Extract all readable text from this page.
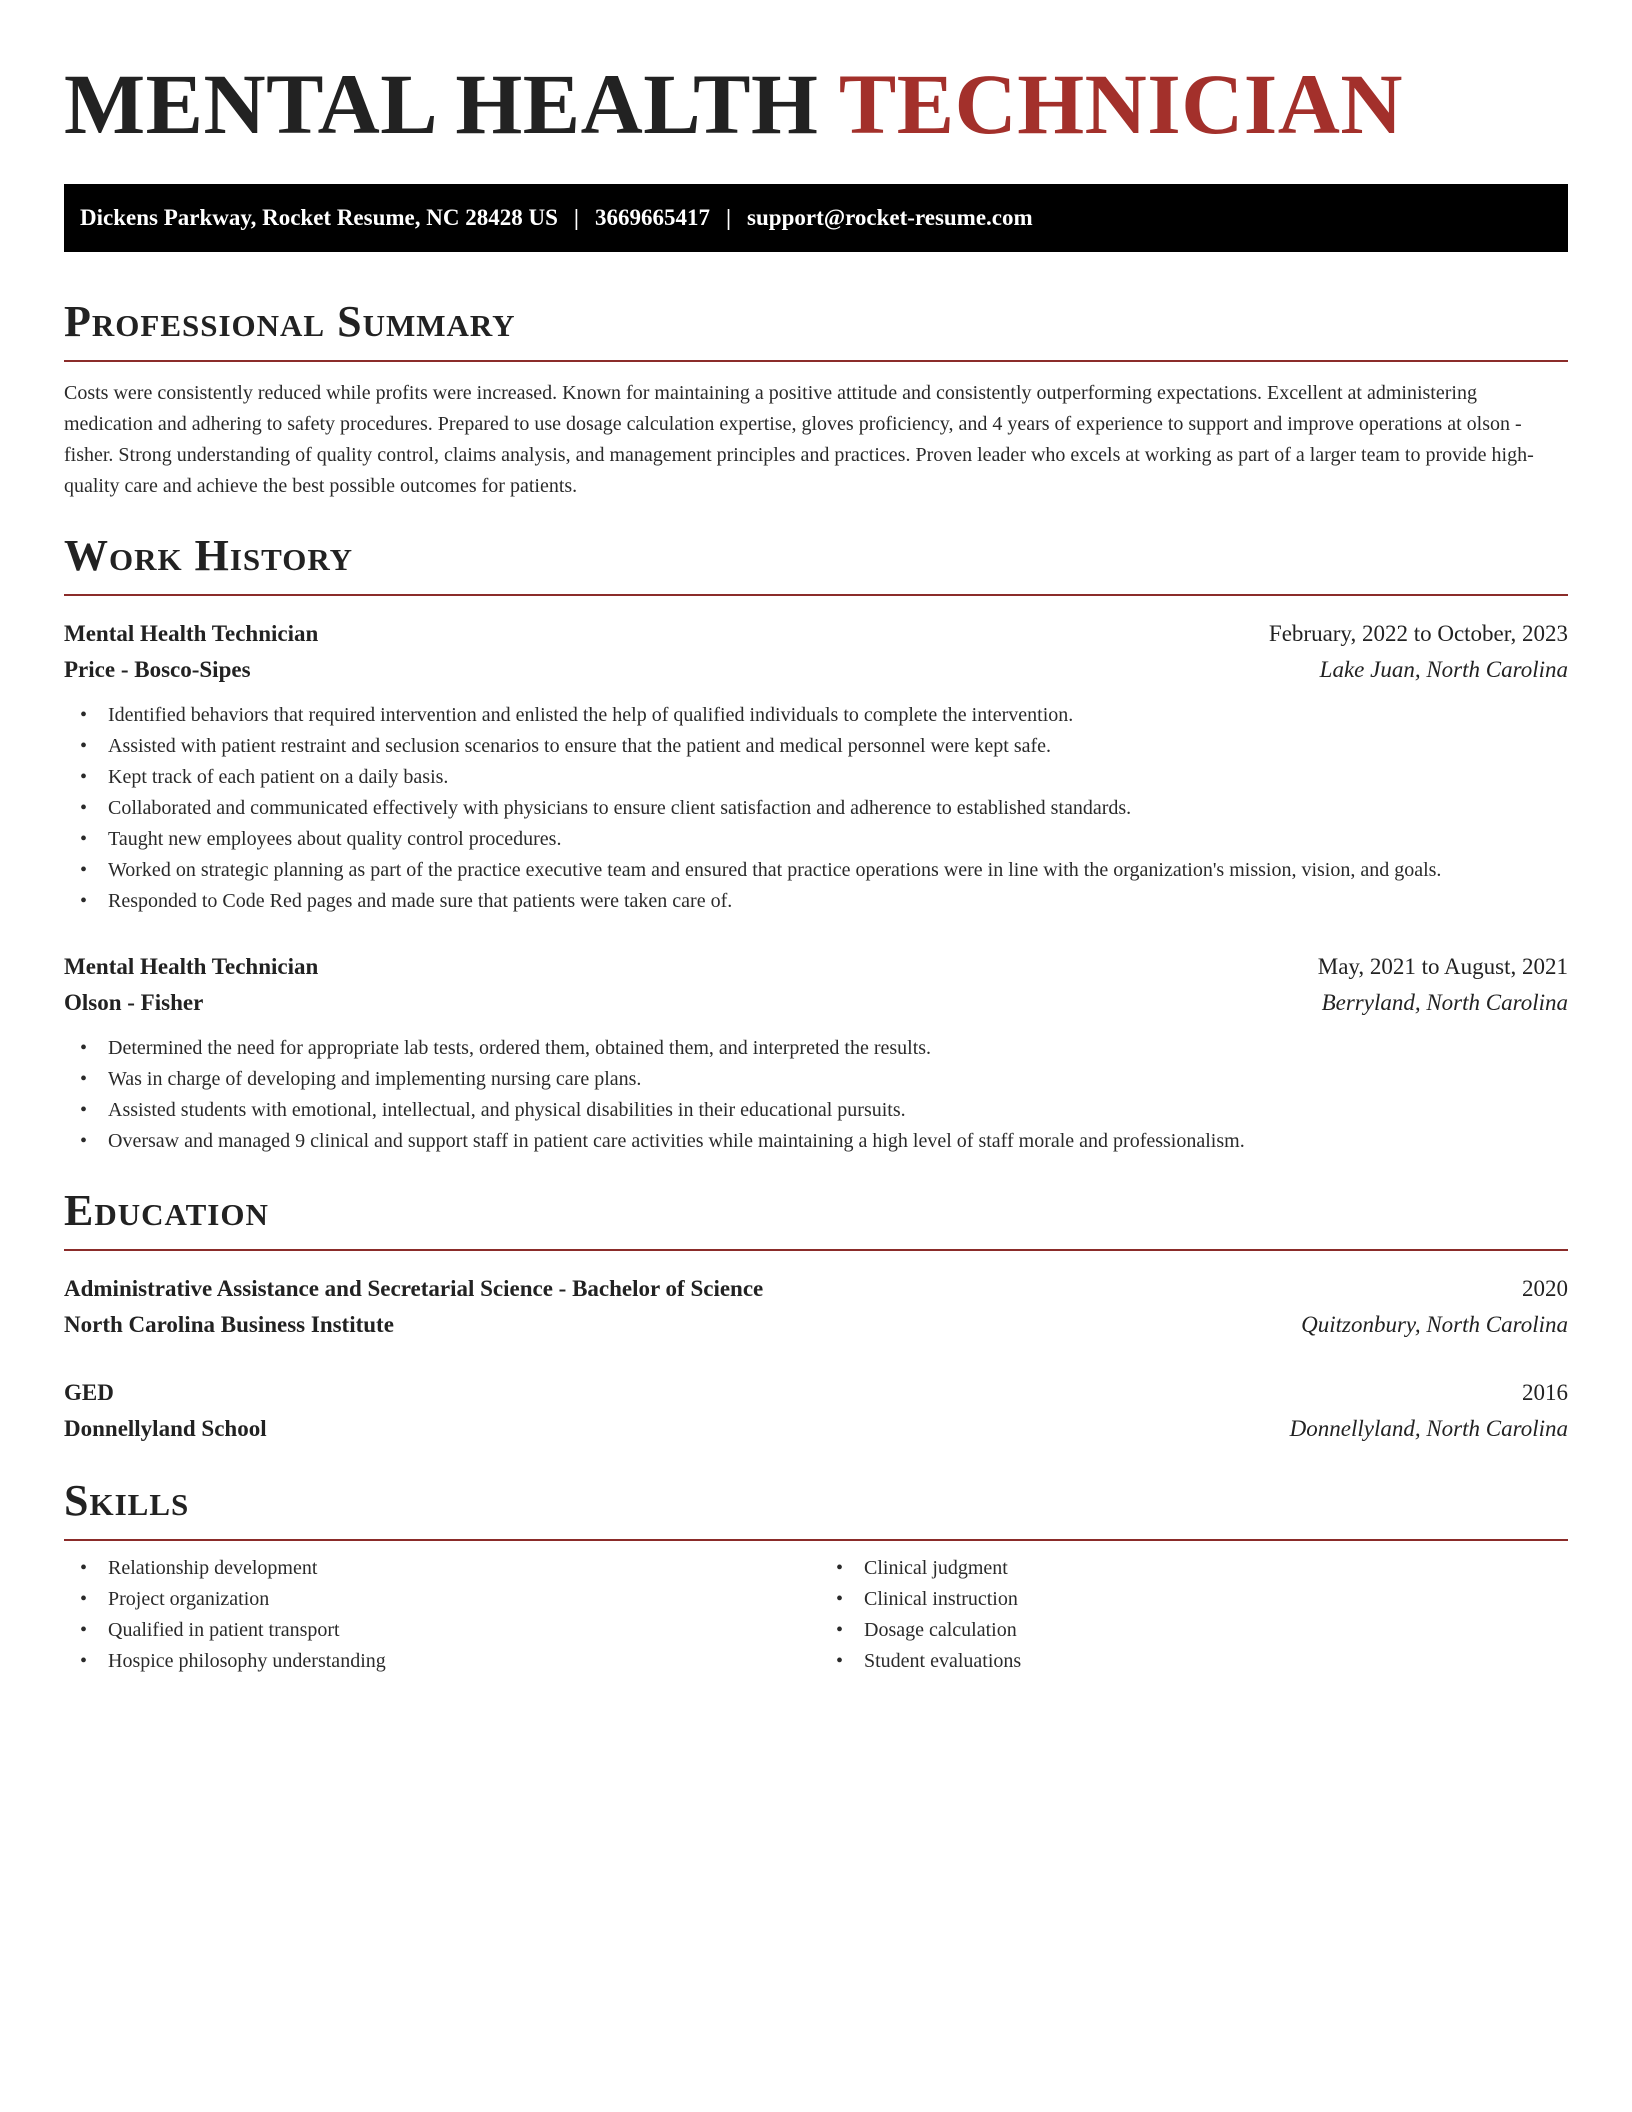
MENTAL HEALTH TECHNICIAN
Dickens Parkway, Rocket Resume, NC 28428 US | 3669665417 | support@rocket-resume.com
Professional Summary

Costs were consistently reduced while profits were increased. Known for maintaining a positive attitude and consistently outperforming expectations. Excellent at administering medication and adhering to safety procedures. Prepared to use dosage calculation expertise, gloves proficiency, and 4 years of experience to support and improve operations at olson - fisher. Strong understanding of quality control, claims analysis, and management principles and practices. Proven leader who excels at working as part of a larger team to provide high-quality care and achieve the best possible outcomes for patients.

Work History
Mental Health Technician	February, 2022 to October, 2023
Price - Bosco-Sipes	Lake Juan, North Carolina
• Identified behaviors that required intervention and enlisted the help of qualified individuals to complete the intervention.
• Assisted with patient restraint and seclusion scenarios to ensure that the patient and medical personnel were kept safe.
• Kept track of each patient on a daily basis.
• Collaborated and communicated effectively with physicians to ensure client satisfaction and adherence to established standards.
• Taught new employees about quality control procedures.
• Worked on strategic planning as part of the practice executive team and ensured that practice operations were in line with the organization's mission, vision, and goals.
• Responded to Code Red pages and made sure that patients were taken care of.
Mental Health Technician	May, 2021 to August, 2021
Olson - Fisher	Berryland, North Carolina
• Determined the need for appropriate lab tests, ordered them, obtained them, and interpreted the results.
• Was in charge of developing and implementing nursing care plans.
• Assisted students with emotional, intellectual, and physical disabilities in their educational pursuits.
• Oversaw and managed 9 clinical and support staff in patient care activities while maintaining a high level of staff morale and professionalism.
Education
Administrative Assistance and Secretarial Science - Bachelor of Science	2020
North Carolina Business Institute	Quitzonbury, North Carolina
GED	2016
Donnellyland School	Donnellyland, North Carolina
Skills
• Relationship development
• Project organization
• Qualified in patient transport
• Hospice philosophy understanding
• Clinical judgment
• Clinical instruction
• Dosage calculation
• Student evaluations
